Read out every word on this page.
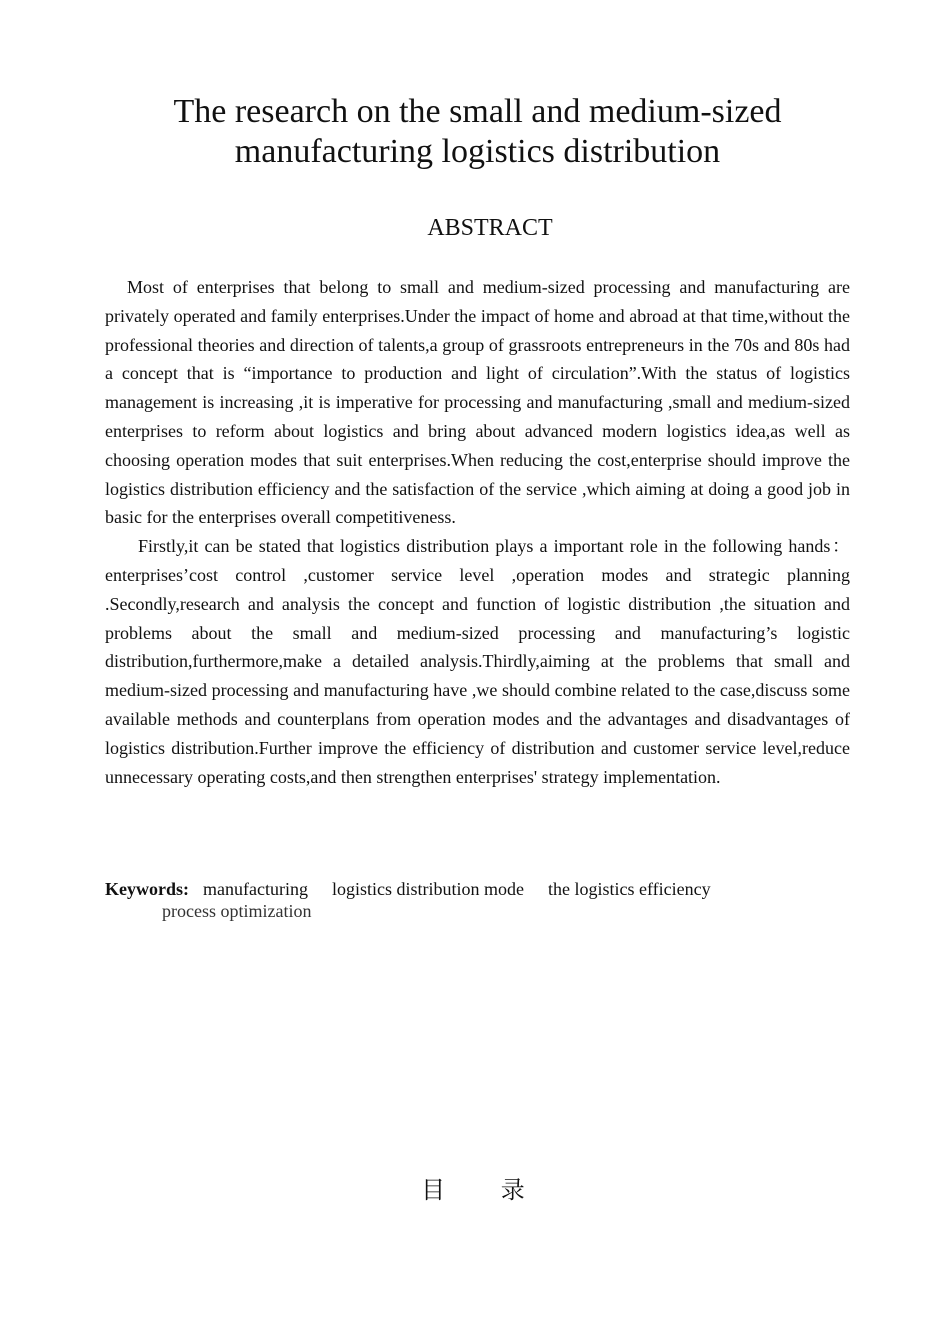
The research on the small and medium-sized
manufacturing logistics distribution
ABSTRACT

Most of enterprises that belong to small and medium-sized processing and manufacturing are privately operated and family enterprises.Under the impact of home and abroad at that time,without the professional theories and direction of talents,a group of grassroots entrepreneurs in the 70s and 80s had a concept that is “importance to production and light of circulation”.With the status of logistics management is increasing ,it is imperative for processing and manufacturing ,small and medium-sized enterprises to reform about logistics and bring about advanced modern logistics idea,as well as choosing operation modes that suit enterprises.When reducing the cost,enterprise should improve the logistics distribution efficiency and the satisfaction of the service ,which aiming at doing a good job in basic for the enterprises overall competitiveness.

Firstly,it can be stated that logistics distribution plays a important role in the following hands： enterprises’cost control ,customer service level ,operation modes and strategic planning .Secondly,research and analysis the concept and function of logistic distribution ,the situation and problems about the small and medium-sized processing and manufacturing’s logistic distribution,furthermore,make a detailed analysis.Thirdly,aiming at the problems that small and medium-sized processing and manufacturing have ,we should combine related to the case,discuss some available methods and counterplans from operation modes and the advantages and disadvantages of logistics distribution.Further improve the efficiency of distribution and customer service level,reduce unnecessary operating costs,and then strengthen enterprises' strategy implementation.

Keywords: manufacturing logistics distribution mode the logistics efficiency
process optimization
目 录
